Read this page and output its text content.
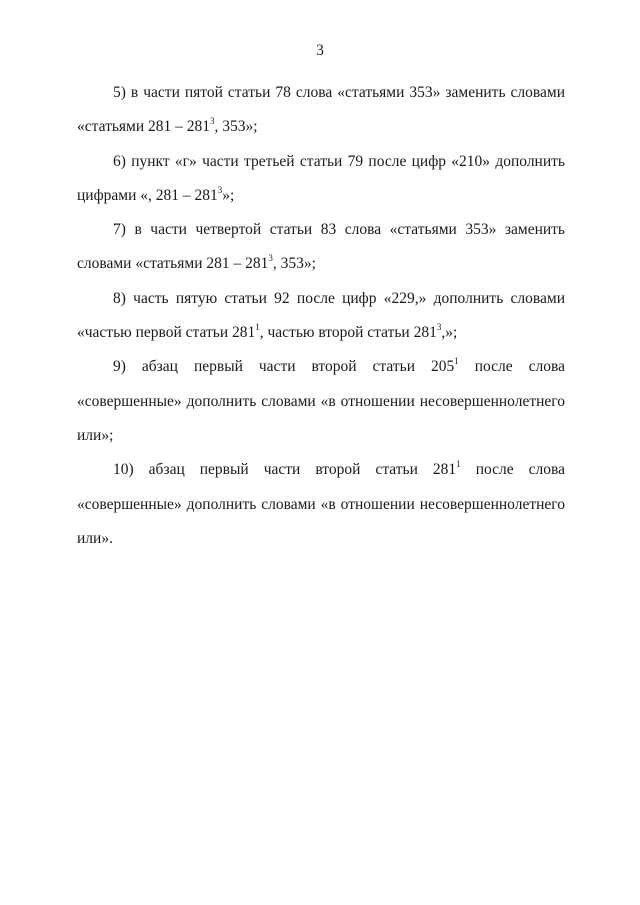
3

5) в части пятой статьи 78 слова «статьями 353» заменить словами «статьями $281 - 281^3$, 353»;

6) пункт «г» части третьей статьи 79 после цифр «210» дополнить цифрами «, $281 - 281^3$»;

7) в части четвертой статьи 83 слова «статьями 353» заменить словами «статьями $281 - 281^3$, 353»;

8) часть пятую статьи 92 после цифр «229,» дополнить словами «частью первой статьи $281^1$, частью второй статьи $281^3$,»;

9) абзац первый части второй статьи $205^1$ после слова «совершенные» дополнить словами «в отношении несовершеннолетнего или»;

10) абзац первый части второй статьи $281^1$ после слова «совершенные» дополнить словами «в отношении несовершеннолетнего или».
